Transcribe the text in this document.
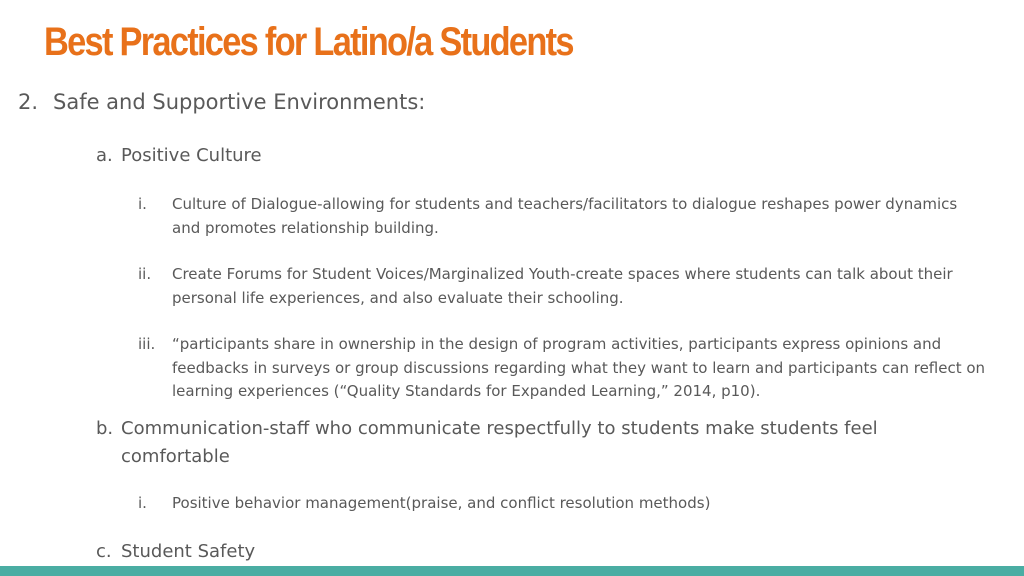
Best Practices for Latino/a Students
2. Safe and Supportive Environments:
a. Positive Culture
i.	Culture of Dialogue-allowing for students and teachers/facilitators to dialogue reshapes power dynamics and promotes relationship building.
ii.	Create Forums for Student Voices/Marginalized Youth-create spaces where students can talk about their personal life experiences, and also evaluate their schooling.
iii.	“participants share in ownership in the design of program activities, participants express opinions and feedbacks in surveys or group discussions regarding what they want to learn and participants can reflect on learning experiences (“Quality Standards for Expanded Learning,” 2014, p10).
b. Communication-staff who communicate respectfully to students make students feel comfortable
i.	Positive behavior management(praise, and conflict resolution methods)
c. Student Safety
